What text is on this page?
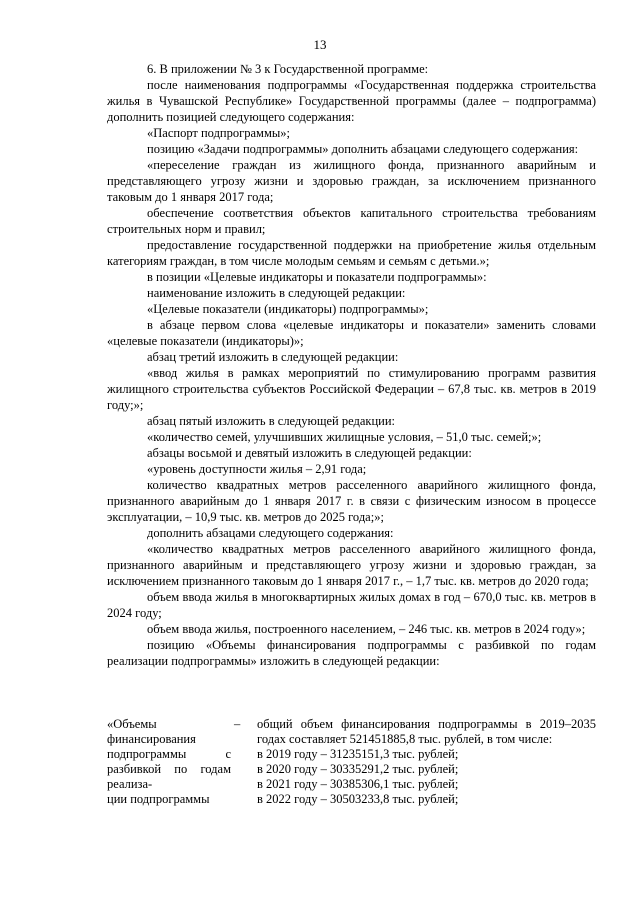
13

6. В приложении № 3 к Государственной программе:

после наименования подпрограммы «Государственная поддержка строительства жилья в Чувашской Республике» Государственной программы (далее – подпрограмма) дополнить позицией следующего содержания:

«Паспорт подпрограммы»;

позицию «Задачи подпрограммы» дополнить абзацами следующего содержания:

«переселение граждан из жилищного фонда, признанного аварийным и представляющего угрозу жизни и здоровью граждан, за исключением признанного таковым до 1 января 2017 года;

обеспечение соответствия объектов капитального строительства требованиям строительных норм и правил;

предоставление государственной поддержки на приобретение жилья отдельным категориям граждан, в том числе молодым семьям и семьям с детьми.»;

в позиции «Целевые индикаторы и показатели подпрограммы»:

наименование изложить в следующей редакции:

«Целевые показатели (индикаторы) подпрограммы»;

в абзаце первом слова «целевые индикаторы и показатели» заменить словами «целевые показатели (индикаторы)»;

абзац третий изложить в следующей редакции:

«ввод жилья в рамках мероприятий по стимулированию программ развития жилищного строительства субъектов Российской Федерации – 67,8 тыс. кв. метров в 2019 году;»;

абзац пятый изложить в следующей редакции:

«количество семей, улучшивших жилищные условия, – 51,0 тыс. семей;»;

абзацы восьмой и девятый изложить в следующей редакции:

«уровень доступности жилья – 2,91 года;

количество квадратных метров расселенного аварийного жилищного фонда, признанного аварийным до 1 января 2017 г. в связи с физическим износом в процессе эксплуатации, – 10,9 тыс. кв. метров до 2025 года;»;

дополнить абзацами следующего содержания:

«количество квадратных метров расселенного аварийного жилищного фонда, признанного аварийным и представляющего угрозу жизни и здоровью граждан, за исключением признанного таковым до 1 января 2017 г., – 1,7 тыс. кв. метров до 2020 года;

объем ввода жилья в многоквартирных жилых домах в год – 670,0 тыс. кв. метров в 2024 году;

объем ввода жилья, построенного населением, – 246 тыс. кв. метров в 2024 году»;

позицию «Объемы финансирования подпрограммы с разбивкой по годам реализации подпрограммы» изложить в следующей редакции:

«Объемы финансирования подпрограммы с разбивкой по годам реализа-
ции подпрограммы
– общий объем финансирования подпрограммы в 2019–2035 годах составляет 521451885,8 тыс. рублей, в том числе:
в 2019 году – 31235151,3 тыс. рублей;
в 2020 году – 30335291,2 тыс. рублей;
в 2021 году – 30385306,1 тыс. рублей;
в 2022 году – 30503233,8 тыс. рублей;
